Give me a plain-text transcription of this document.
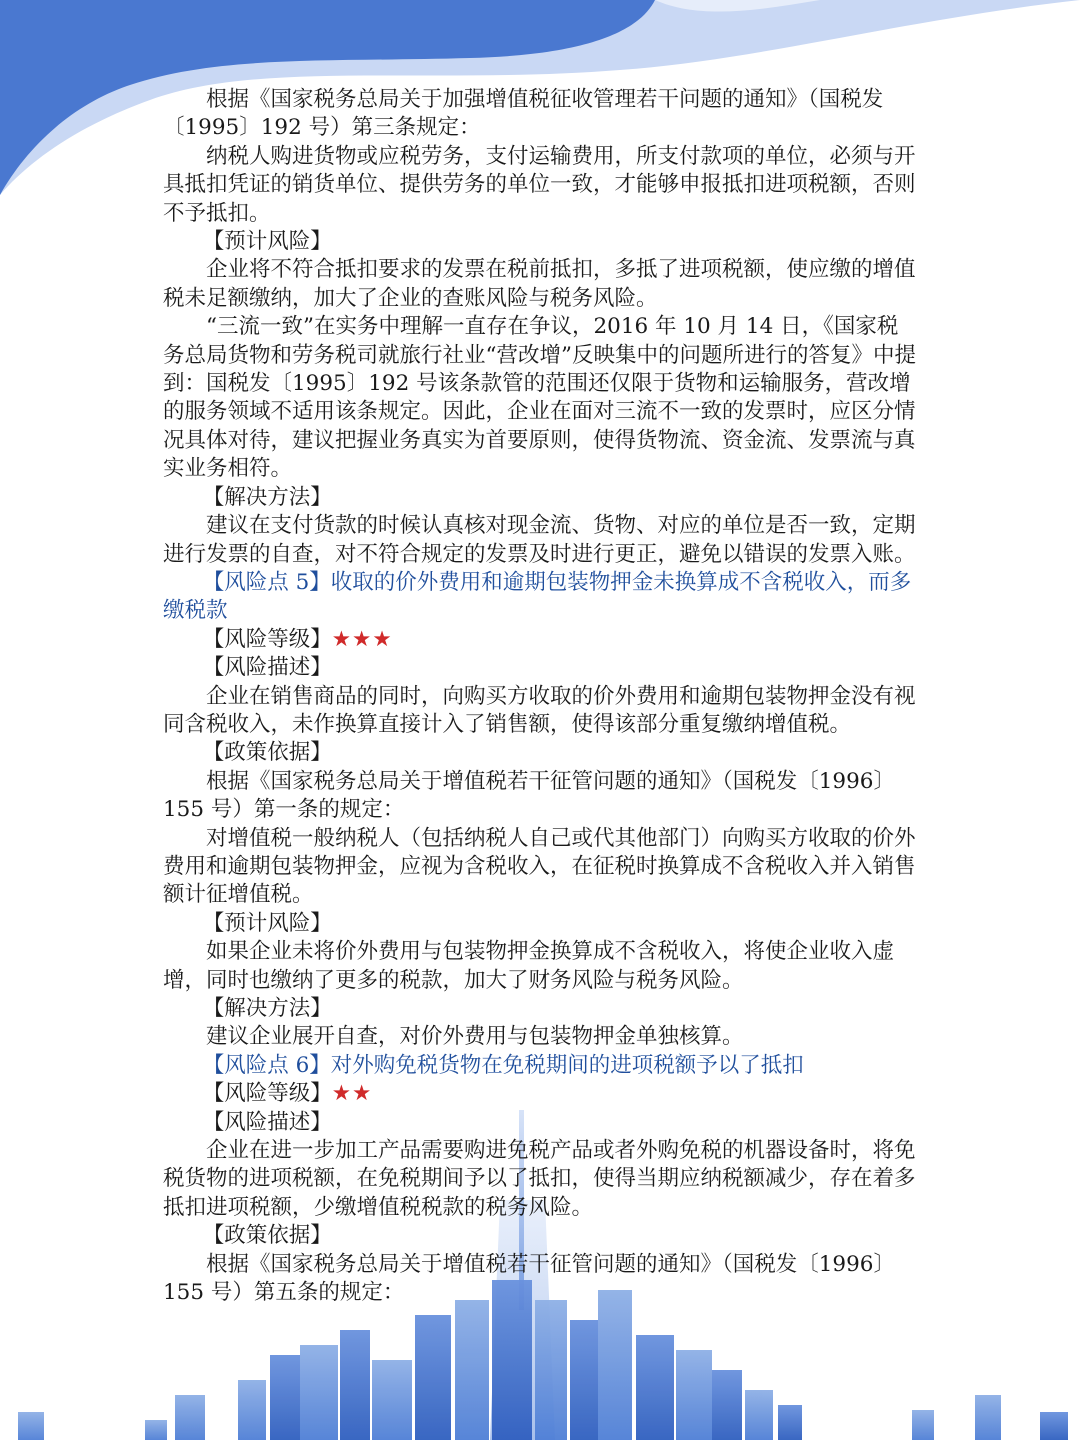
根据《国家税务总局关于加强增值税征收管理若干问题的通知》（国税发〔1995〕192 号）第三条规定：

纳税人购进货物或应税劳务，支付运输费用，所支付款项的单位，必须与开具抵扣凭证的销货单位、提供劳务的单位一致，才能够申报抵扣进项税额，否则不予抵扣。

【预计风险】

企业将不符合抵扣要求的发票在税前抵扣，多抵了进项税额，使应缴的增值税未足额缴纳，加大了企业的查账风险与税务风险。

“三流一致”在实务中理解一直存在争议，2016 年 10 月 14 日，《国家税务总局货物和劳务税司就旅行社业“营改增”反映集中的问题所进行的答复》中提到：国税发〔1995〕192 号该条款管的范围还仅限于货物和运输服务，营改增的服务领域不适用该条规定。因此，企业在面对三流不一致的发票时，应区分情况具体对待，建议把握业务真实为首要原则，使得货物流、资金流、发票流与真实业务相符。

【解决方法】

建议在支付货款的时候认真核对现金流、货物、对应的单位是否一致，定期进行发票的自查，对不符合规定的发票及时进行更正，避免以错误的发票入账。

【风险点 5】收取的价外费用和逾期包装物押金未换算成不含税收入，而多缴税款

【风险等级】★★★

【风险描述】

企业在销售商品的同时，向购买方收取的价外费用和逾期包装物押金没有视同含税收入，未作换算直接计入了销售额，使得该部分重复缴纳增值税。

【政策依据】

根据《国家税务总局关于增值税若干征管问题的通知》（国税发〔1996〕155 号）第一条的规定：

对增值税一般纳税人（包括纳税人自己或代其他部门）向购买方收取的价外费用和逾期包装物押金，应视为含税收入，在征税时换算成不含税收入并入销售额计征增值税。

【预计风险】

如果企业未将价外费用与包装物押金换算成不含税收入，将使企业收入虚增，同时也缴纳了更多的税款，加大了财务风险与税务风险。

【解决方法】

建议企业展开自查，对价外费用与包装物押金单独核算。

【风险点 6】对外购免税货物在免税期间的进项税额予以了抵扣

【风险等级】★★

【风险描述】

企业在进一步加工产品需要购进免税产品或者外购免税的机器设备时，将免税货物的进项税额，在免税期间予以了抵扣，使得当期应纳税额减少，存在着多抵扣进项税额，少缴增值税税款的税务风险。

【政策依据】

根据《国家税务总局关于增值税若干征管问题的通知》（国税发〔1996〕155 号）第五条的规定：
